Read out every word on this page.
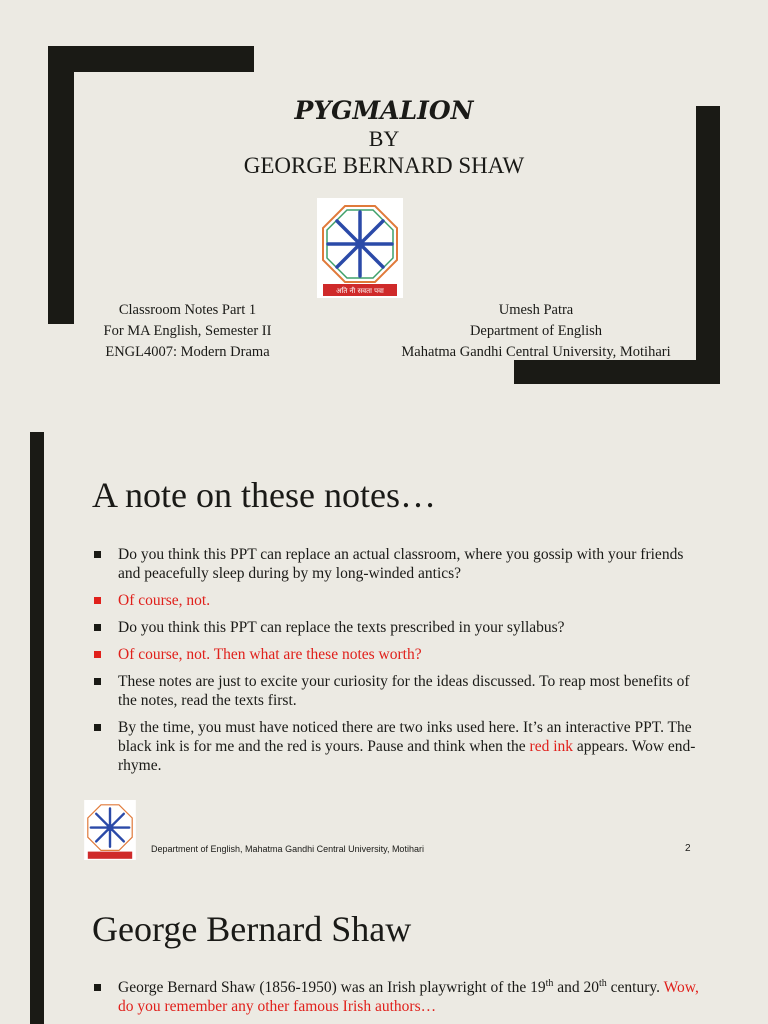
PYGMALION
BY
GEORGE BERNARD SHAW
अति नी सवता पवा
Classroom Notes Part 1
For MA English, Semester II
ENGL4007: Modern Drama
Umesh Patra
Department of English
Mahatma Gandhi Central University, Motihari
A note on these notes…
Do you think this PPT can replace an actual classroom, where you gossip with your friends and peacefully sleep during by my long-winded antics?
Of course, not.
Do you think this PPT can replace the texts prescribed in your syllabus?
Of course, not. Then what are these notes worth?
These notes are just to excite your curiosity for the ideas discussed. To reap most benefits of the notes, read the texts first.
By the time, you must have noticed there are two inks used here. It’s an interactive PPT. The black ink is for me and the red is yours. Pause and think when the red ink appears. Wow end-rhyme.
Department of English, Mahatma Gandhi Central University, Motihari	2
George Bernard Shaw
George Bernard Shaw (1856-1950) was an Irish playwright of the 19th and 20th century. Wow, do you remember any other famous Irish authors…
